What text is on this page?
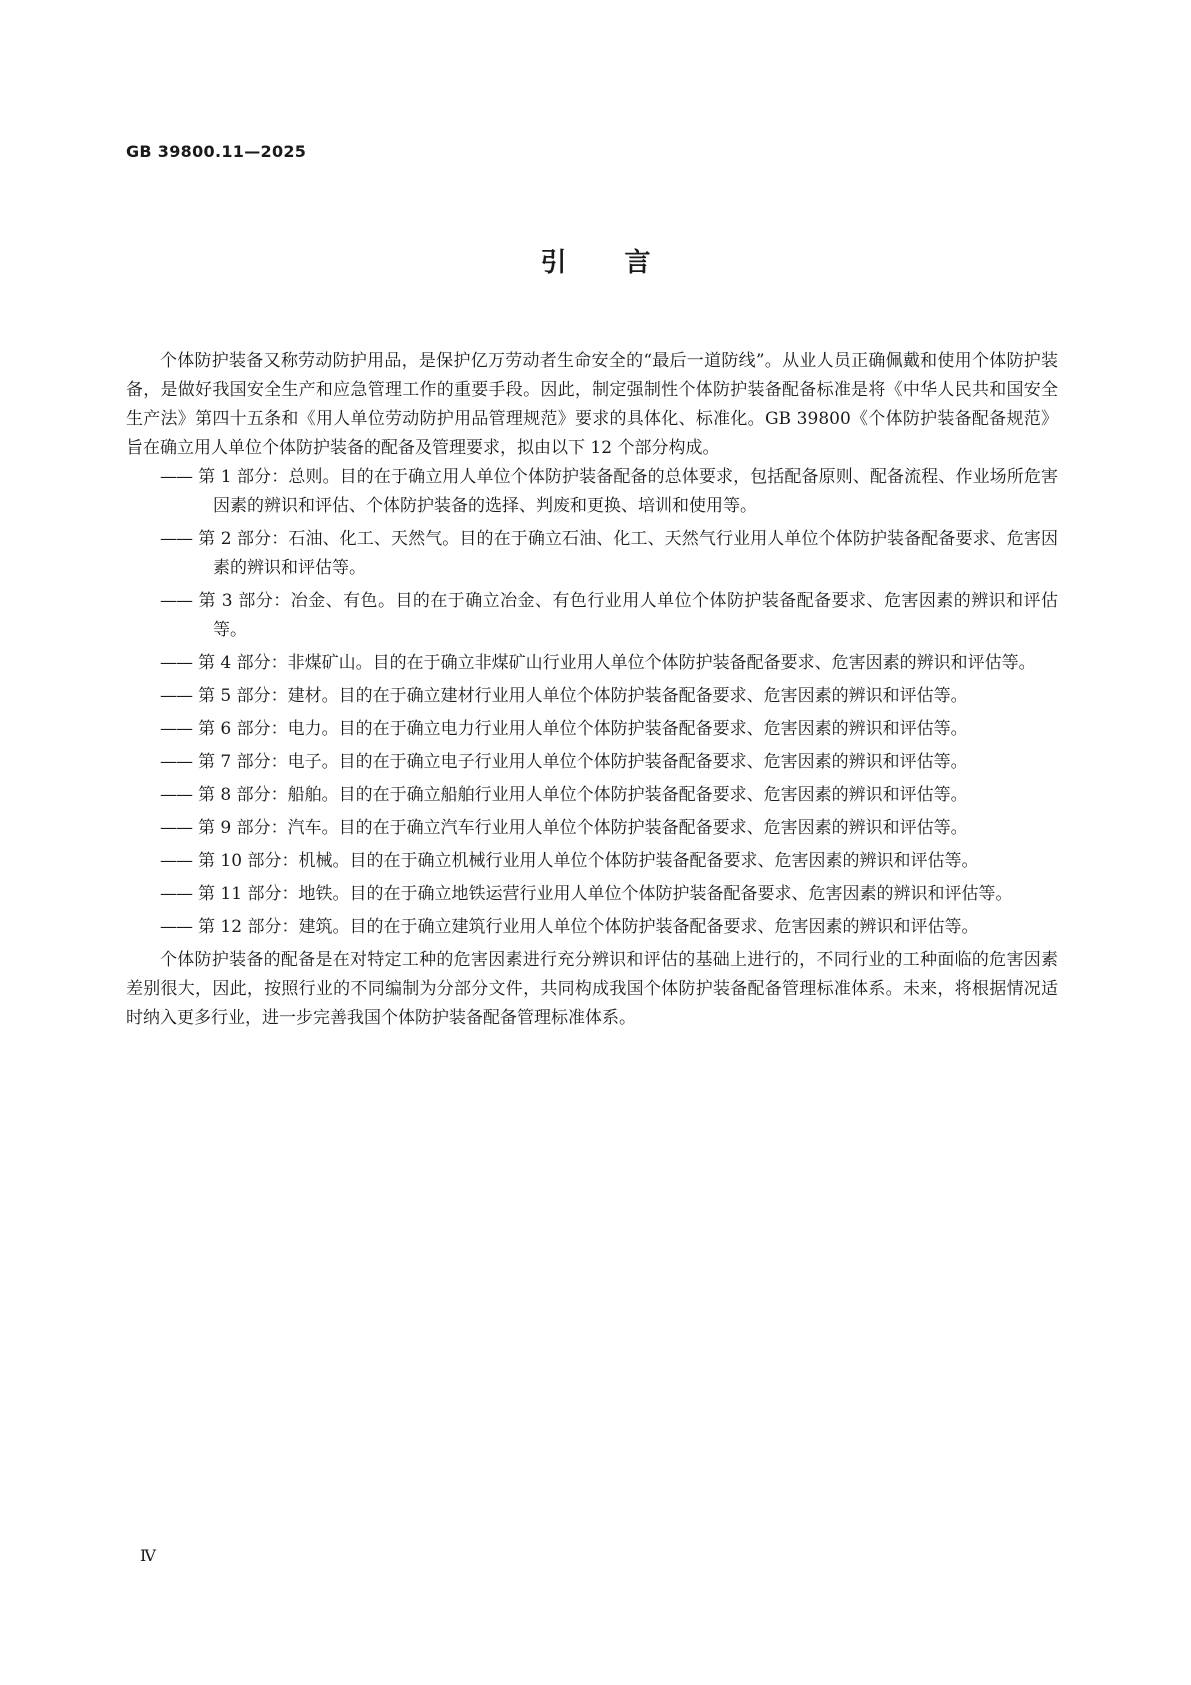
GB 39800.11—2025
引言

个体防护装备又称劳动防护用品，是保护亿万劳动者生命安全的“最后一道防线”。从业人员正确佩戴和使用个体防护装备，是做好我国安全生产和应急管理工作的重要手段。因此，制定强制性个体防护装备配备标准是将《中华人民共和国安全生产法》第四十五条和《用人单位劳动防护用品管理规范》要求的具体化、标准化。GB 39800《个体防护装备配备规范》旨在确立用人单位个体防护装备的配备及管理要求，拟由以下 12 个部分构成。

—— 第 1 部分：总则。目的在于确立用人单位个体防护装备配备的总体要求，包括配备原则、配备流程、作业场所危害因素的辨识和评估、个体防护装备的选择、判废和更换、培训和使用等。
—— 第 2 部分：石油、化工、天然气。目的在于确立石油、化工、天然气行业用人单位个体防护装备配备要求、危害因素的辨识和评估等。
—— 第 3 部分：冶金、有色。目的在于确立冶金、有色行业用人单位个体防护装备配备要求、危害因素的辨识和评估等。
—— 第 4 部分：非煤矿山。目的在于确立非煤矿山行业用人单位个体防护装备配备要求、危害因素的辨识和评估等。
—— 第 5 部分：建材。目的在于确立建材行业用人单位个体防护装备配备要求、危害因素的辨识和评估等。
—— 第 6 部分：电力。目的在于确立电力行业用人单位个体防护装备配备要求、危害因素的辨识和评估等。
—— 第 7 部分：电子。目的在于确立电子行业用人单位个体防护装备配备要求、危害因素的辨识和评估等。
—— 第 8 部分：船舶。目的在于确立船舶行业用人单位个体防护装备配备要求、危害因素的辨识和评估等。
—— 第 9 部分：汽车。目的在于确立汽车行业用人单位个体防护装备配备要求、危害因素的辨识和评估等。
—— 第 10 部分：机械。目的在于确立机械行业用人单位个体防护装备配备要求、危害因素的辨识和评估等。
—— 第 11 部分：地铁。目的在于确立地铁运营行业用人单位个体防护装备配备要求、危害因素的辨识和评估等。
—— 第 12 部分：建筑。目的在于确立建筑行业用人单位个体防护装备配备要求、危害因素的辨识和评估等。

个体防护装备的配备是在对特定工种的危害因素进行充分辨识和评估的基础上进行的，不同行业的工种面临的危害因素差别很大，因此，按照行业的不同编制为分部分文件，共同构成我国个体防护装备配备管理标准体系。未来，将根据情况适时纳入更多行业，进一步完善我国个体防护装备配备管理标准体系。

Ⅳ
